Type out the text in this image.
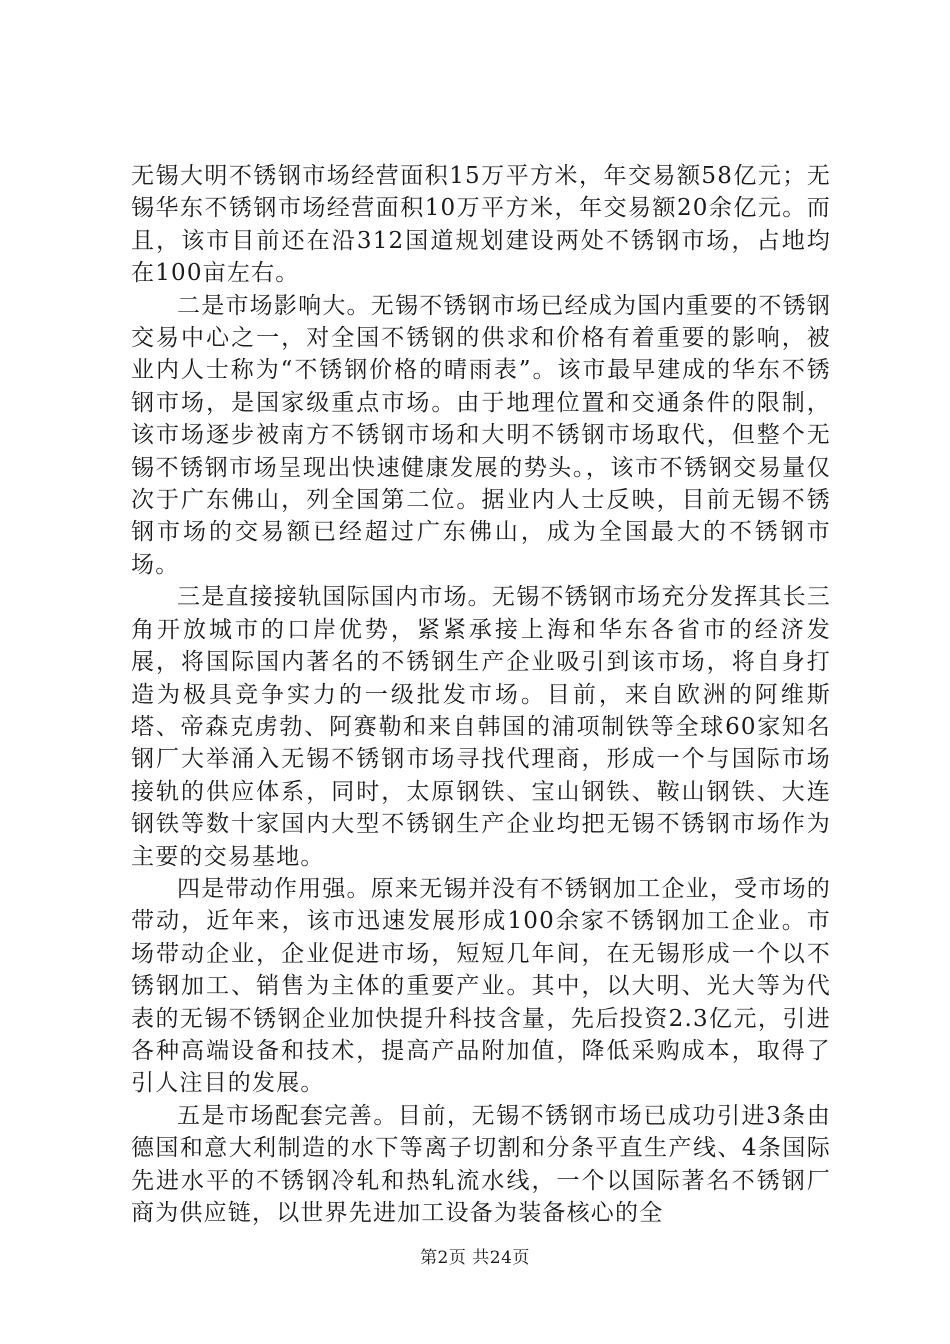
无锡大明不锈钢市场经营面积15万平方米，年交易额58亿元；无锡华东不锈钢市场经营面积10万平方米，年交易额20余亿元。而且，该市目前还在沿312国道规划建设两处不锈钢市场，占地均在100亩左右。

二是市场影响大。无锡不锈钢市场已经成为国内重要的不锈钢交易中心之一，对全国不锈钢的供求和价格有着重要的影响，被业内人士称为“不锈钢价格的晴雨表”。该市最早建成的华东不锈钢市场，是国家级重点市场。由于地理位置和交通条件的限制，该市场逐步被南方不锈钢市场和大明不锈钢市场取代，但整个无锡不锈钢市场呈现出快速健康发展的势头。，该市不锈钢交易量仅次于广东佛山，列全国第二位。据业内人士反映，目前无锡不锈钢市场的交易额已经超过广东佛山，成为全国最大的不锈钢市场。

三是直接接轨国际国内市场。无锡不锈钢市场充分发挥其长三角开放城市的口岸优势，紧紧承接上海和华东各省市的经济发展，将国际国内著名的不锈钢生产企业吸引到该市场，将自身打造为极具竞争实力的一级批发市场。目前，来自欧洲的阿维斯塔、帝森克虏勃、阿赛勒和来自韩国的浦项制铁等全球60家知名钢厂大举涌入无锡不锈钢市场寻找代理商，形成一个与国际市场接轨的供应体系，同时，太原钢铁、宝山钢铁、鞍山钢铁、大连钢铁等数十家国内大型不锈钢生产企业均把无锡不锈钢市场作为主要的交易基地。

四是带动作用强。原来无锡并没有不锈钢加工企业，受市场的带动，近年来，该市迅速发展形成100余家不锈钢加工企业。市场带动企业，企业促进市场，短短几年间，在无锡形成一个以不锈钢加工、销售为主体的重要产业。其中，以大明、光大等为代表的无锡不锈钢企业加快提升科技含量，先后投资2.3亿元，引进各种高端设备和技术，提高产品附加值，降低采购成本，取得了引人注目的发展。

五是市场配套完善。目前，无锡不锈钢市场已成功引进3条由德国和意大利制造的水下等离子切割和分条平直生产线、4条国际先进水平的不锈钢冷轧和热轧流水线，一个以国际著名不锈钢厂商为供应链，以世界先进加工设备为装备核心的全

第2页 共24页
